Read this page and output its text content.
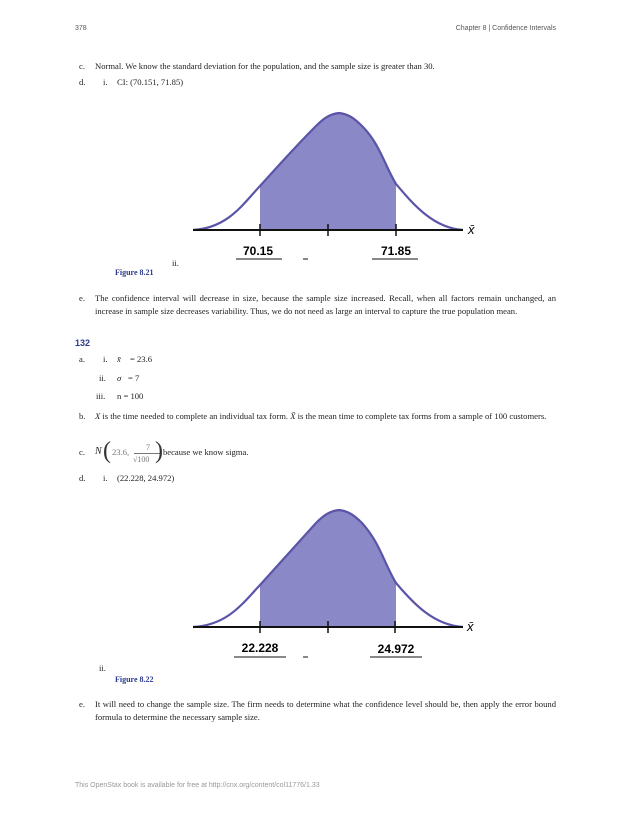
378	Chapter 8 | Confidence Intervals
c. Normal. We know the standard deviation for the population, and the sample size is greater than 30.
d. i. CI: (70.151, 71.85)
x̄
70.15	71.85
ii.
Figure 8.21
e. The confidence interval will decrease in size, because the sample size increased. Recall, when all factors remain unchanged, an increase in sample size decreases variability. Thus, we do not need as large an interval to capture the true population mean.
132
a. i. x̄ = 23.6
ii. σ = 7
iii. n = 100
b. X is the time needed to complete an individual tax form. X̄ is the mean time to complete tax forms from a sample of 100 customers.
c. N ( 23.6,	7
√100 ) because we know sigma.
d. i. (22.228, 24.972)
x̄
22.228	24.972
ii.
Figure 8.22
e. It will need to change the sample size. The firm needs to determine what the confidence level should be, then apply the error bound formula to determine the necessary sample size.
This OpenStax book is available for free at http://cnx.org/content/col11776/1.33
